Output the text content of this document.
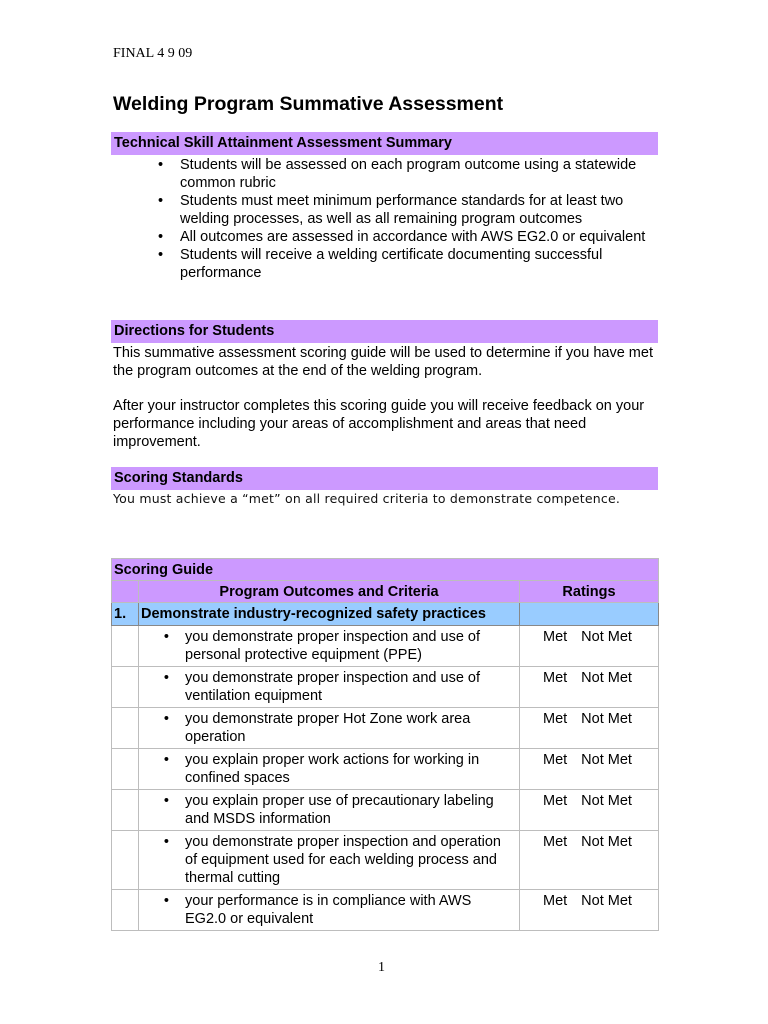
FINAL 4 9 09
Welding Program Summative Assessment
Technical Skill Attainment Assessment Summary
• Students will be assessed on each program outcome using a statewide common rubric
• Students must meet minimum performance standards for at least two welding processes, as well as all remaining program outcomes
• All outcomes are assessed in accordance with AWS EG2.0 or equivalent
• Students will receive a welding certificate documenting successful performance
Directions for Students

This summative assessment scoring guide will be used to determine if you have met the program outcomes at the end of the welding program.

After your instructor completes this scoring guide you will receive feedback on your performance including your areas of accomplishment and areas that need improvement.

Scoring Standards

You must achieve a “met” on all required criteria to demonstrate competence.

Scoring Guide		
	Program Outcomes and Criteria	Ratings
1.	Demonstrate industry-recognized safety practices	

	• you demonstrate proper inspection and use of
personal protective equipment (PPE)	Met Not Met

	• you demonstrate proper inspection and use of
ventilation equipment	Met Not Met

	• you demonstrate proper Hot Zone work area
operation	Met Not Met

	• you explain proper work actions for working in
confined spaces	Met Not Met

	• you explain proper use of precautionary labeling
and MSDS information	Met Not Met

	• you demonstrate proper inspection and operation
of equipment used for each welding process and
thermal cutting	Met Not Met

	• your performance is in compliance with AWS
EG2.0 or equivalent	Met Not Met
1
